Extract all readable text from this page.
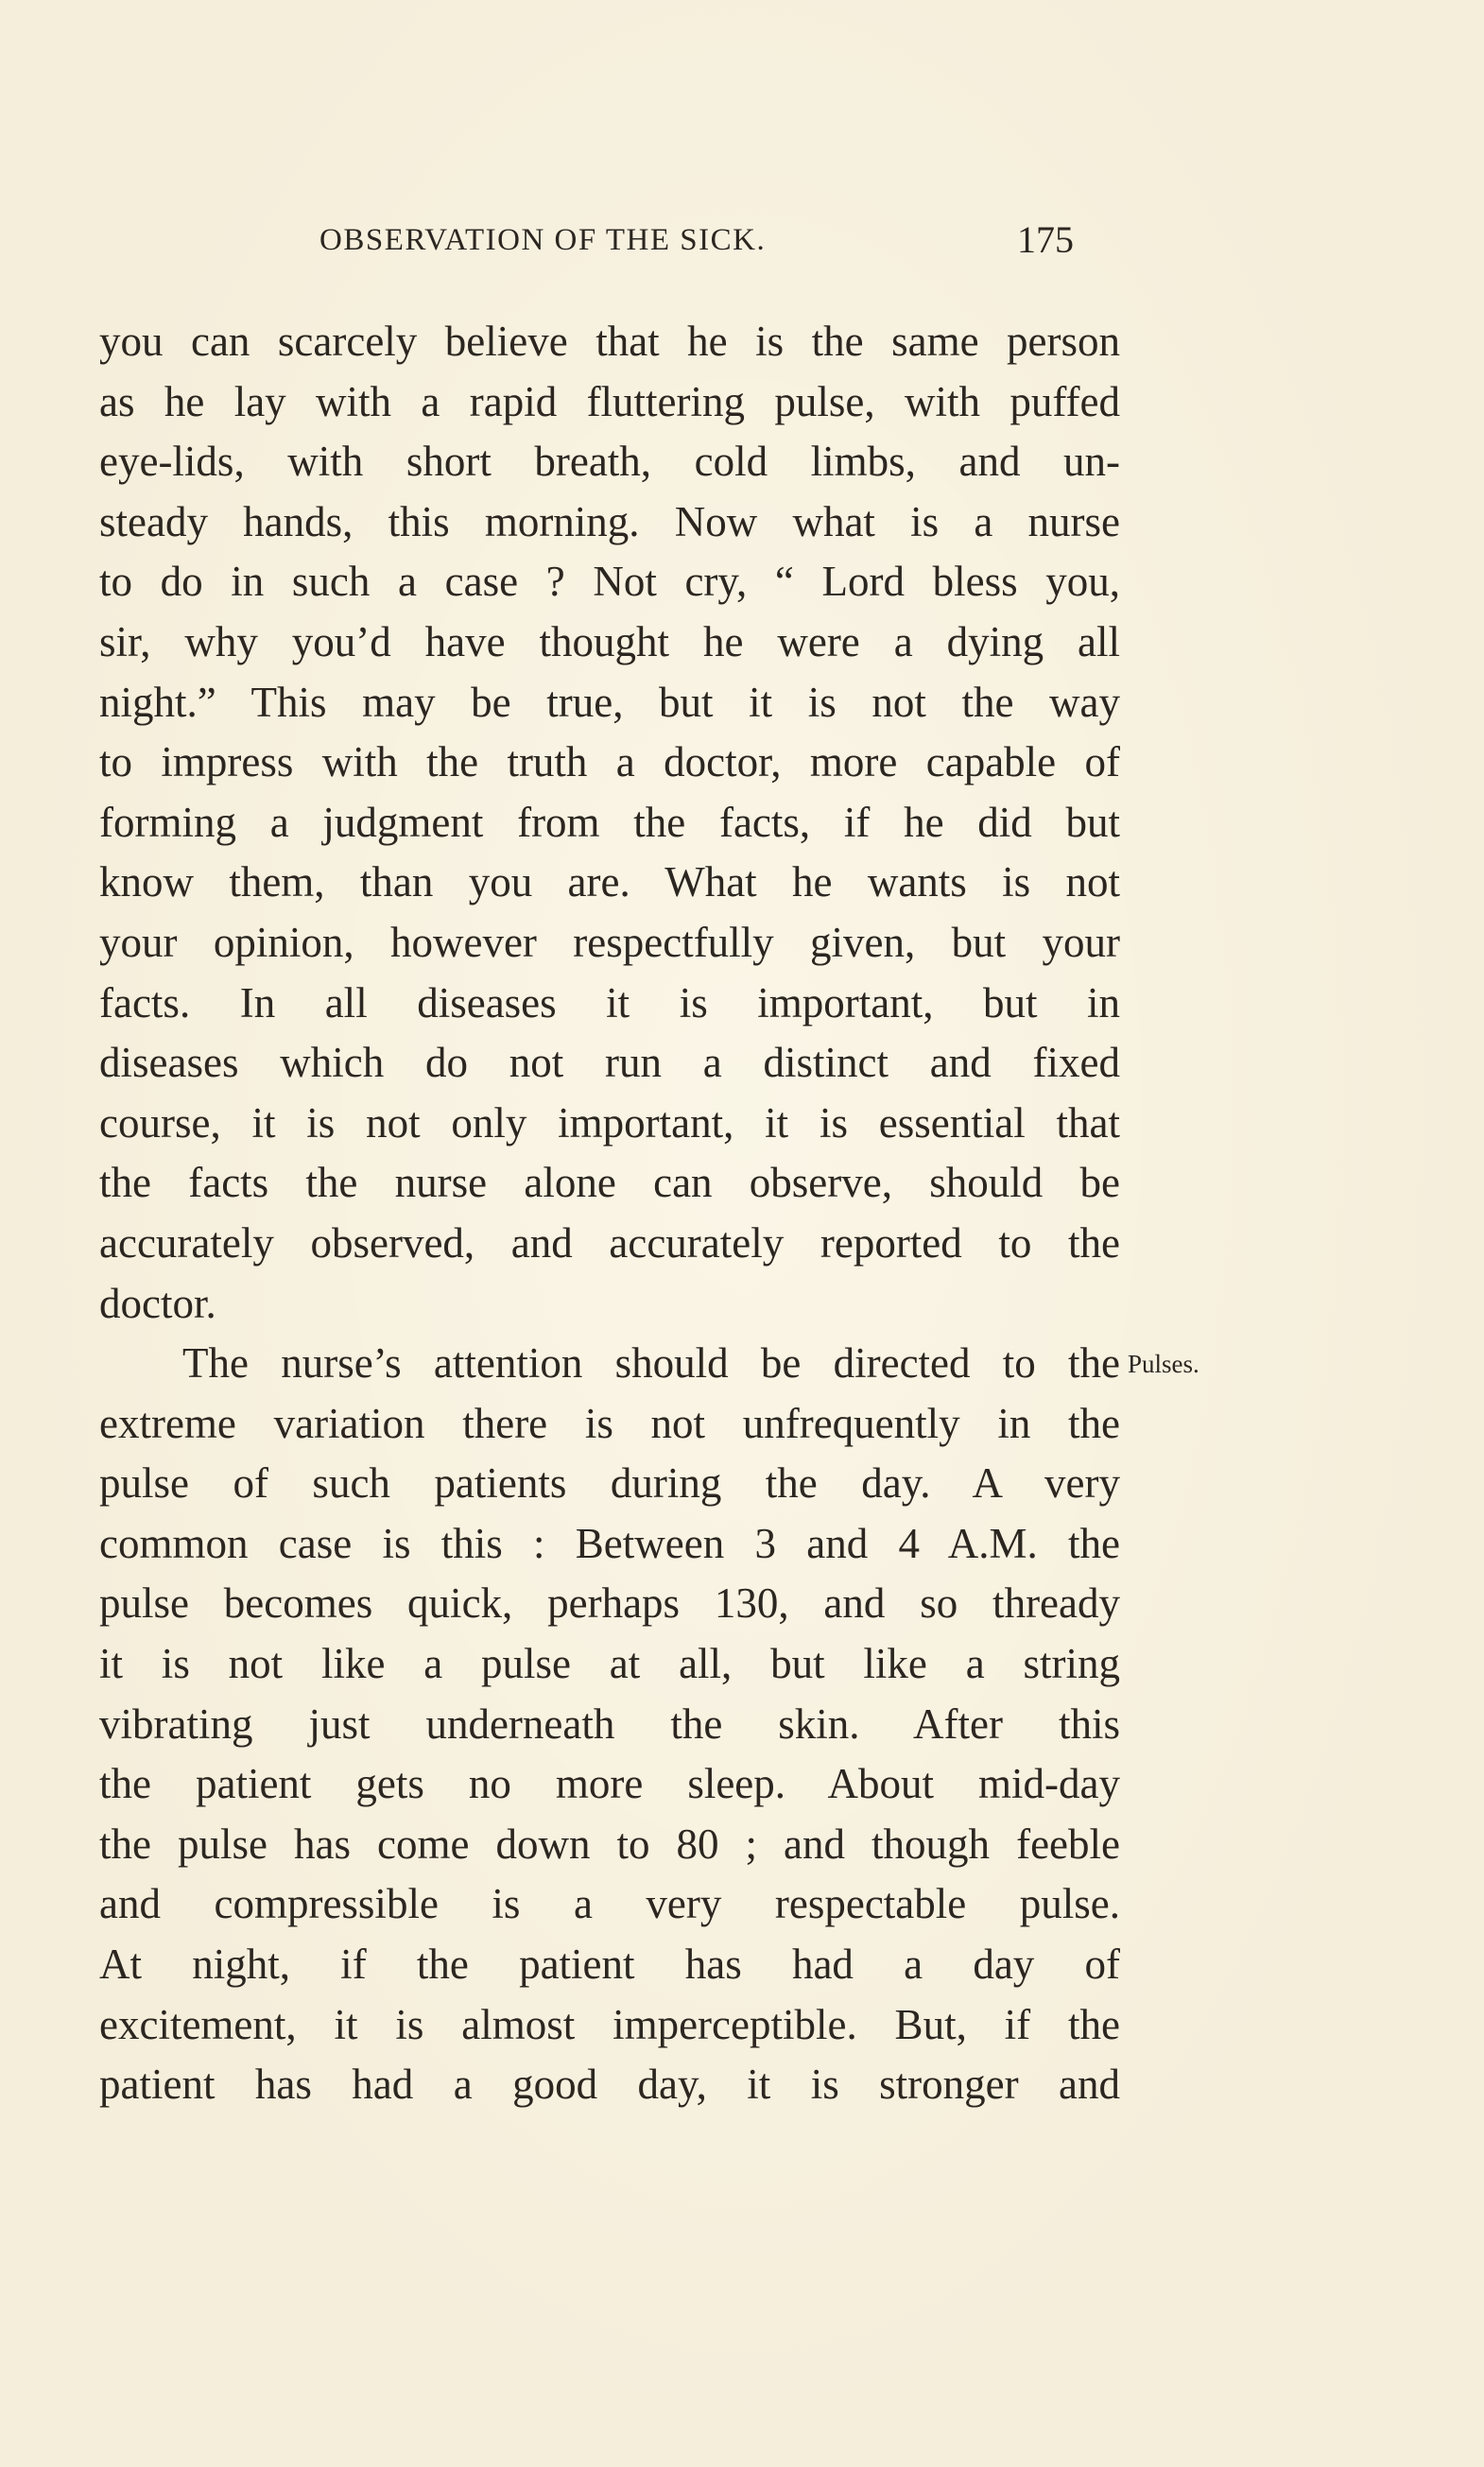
OBSERVATION OF THE SICK.	175
Pulses.
you can scarcely believe that he is the same person
as he lay with a rapid fluttering pulse, with puffed
eye-lids, with short breath, cold limbs, and un-
steady hands, this morning. Now what is a nurse
to do in such a case ? Not cry, “ Lord bless you,
sir, why you’d have thought he were a dying all
night.” This may be true, but it is not the way
to impress with the truth a doctor, more capable of
forming a judgment from the facts, if he did but
know them, than you are. What he wants is not
your opinion, however respectfully given, but your
facts. In all diseases it is important, but in
diseases which do not run a distinct and fixed
course, it is not only important, it is essential that
the facts the nurse alone can observe, should be
accurately observed, and accurately reported to the
doctor.
The nurse’s attention should be directed to the
extreme variation there is not unfrequently in the
pulse of such patients during the day. A very
common case is this : Between 3 and 4 A.M. the
pulse becomes quick, perhaps 130, and so thready
it is not like a pulse at all, but like a string
vibrating just underneath the skin. After this
the patient gets no more sleep. About mid-day
the pulse has come down to 80 ; and though feeble
and compressible is a very respectable pulse.
At night, if the patient has had a day of
excitement, it is almost imperceptible. But, if the
patient has had a good day, it is stronger and
